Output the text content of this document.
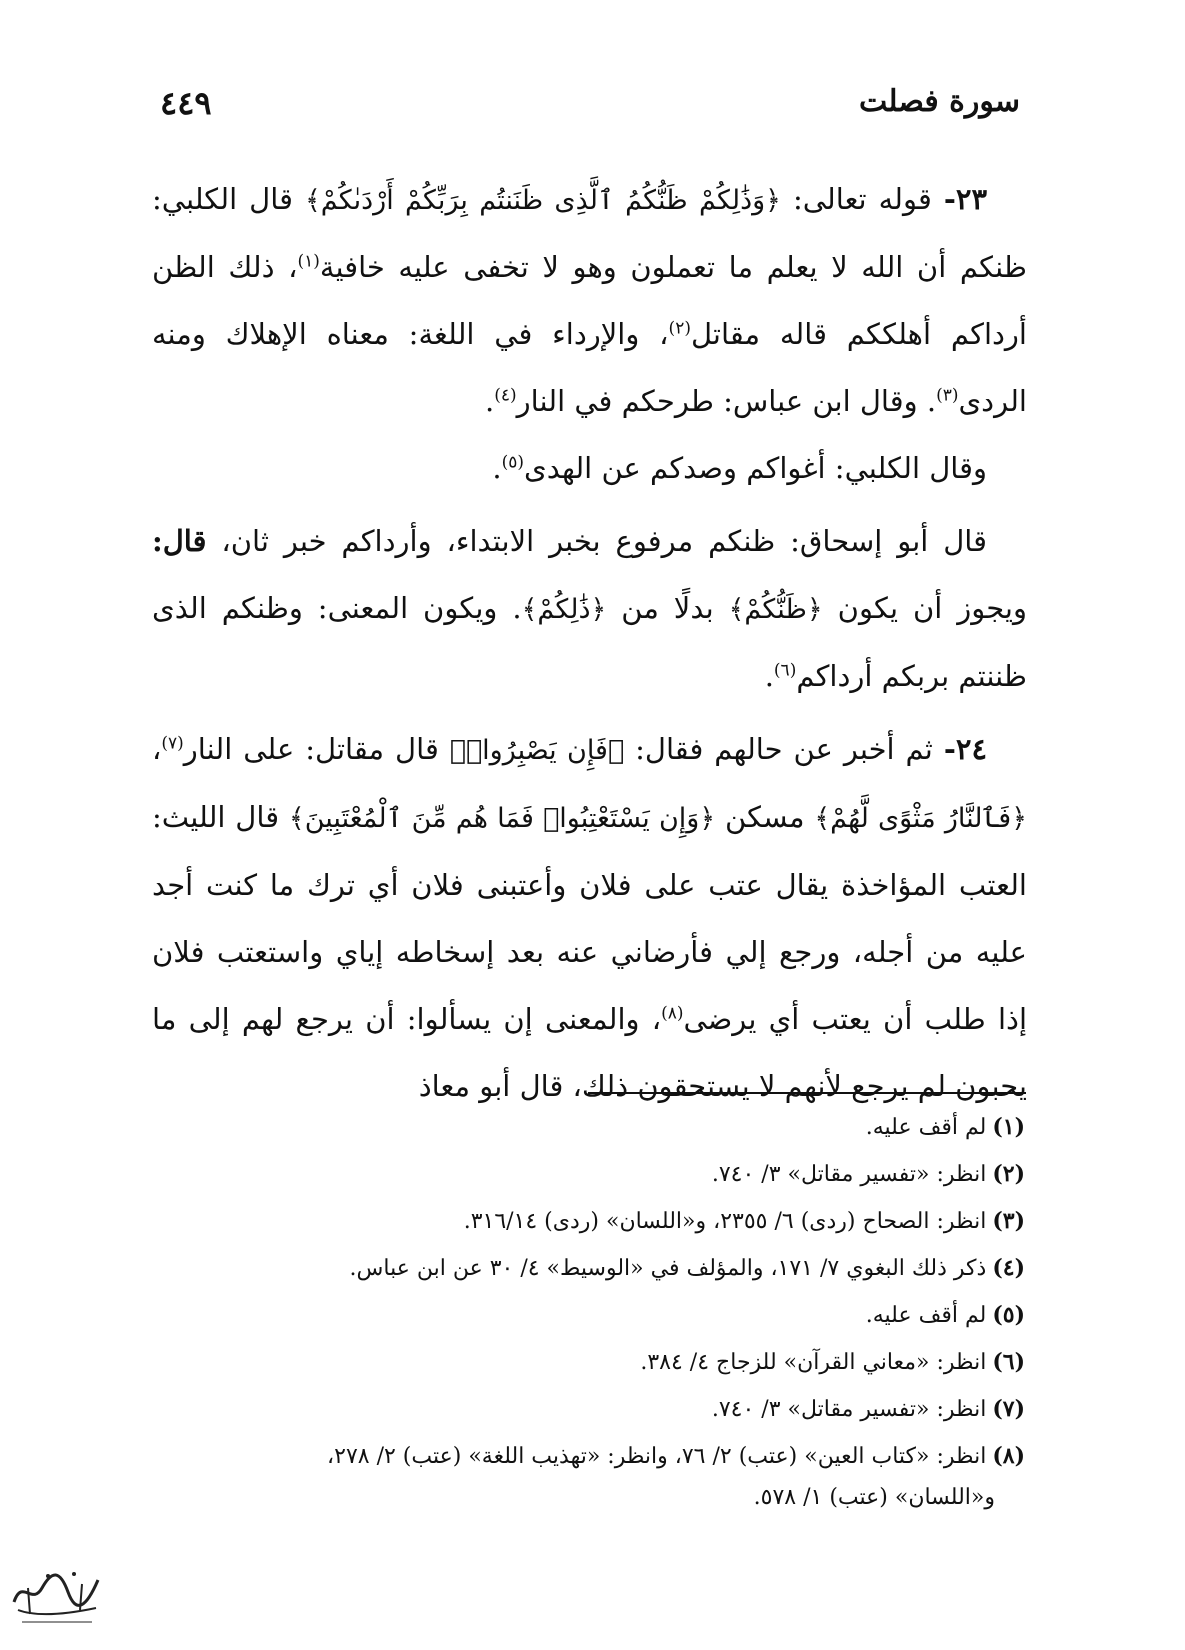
سورة فصلت
٤٤٩

٢٣- قوله تعالى: ﴿وَذَٰلِكُمْ ظَنُّكُمُ ٱلَّذِى ظَنَنتُم بِرَبِّكُمْ أَرْدَىٰكُمْ﴾ قال الكلبي: ظنكم أن الله لا يعلم ما تعملون وهو لا تخفى عليه خافية$^{(١)}$، ذلك الظن أرداكم أهلككم قاله مقاتل$^{(٢)}$، والإرداء في اللغة: معناه الإهلاك ومنه الردى$^{(٣)}$. وقال ابن عباس: طرحكم في النار$^{(٤)}$.

وقال الكلبي: أغواكم وصدكم عن الهدى$^{(٥)}$.

قال أبو إسحاق: ظنكم مرفوع بخبر الابتداء، وأرداكم خبر ثان، قال: ويجوز أن يكون ﴿ظَنُّكُمْ﴾ بدلًا من ﴿ذَٰلِكُمْ﴾. ويكون المعنى: وظنكم الذى ظننتم بربكم أرداكم$^{(٦)}$.

٢٤- ثم أخبر عن حالهم فقال: ﴿فَإِن يَصْبِرُوا۟﴾ قال مقاتل: على النار$^{(٧)}$، ﴿فَٱلنَّارُ مَثْوًى لَّهُمْ﴾ مسكن ﴿وَإِن يَسْتَعْتِبُوا۟ فَمَا هُم مِّنَ ٱلْمُعْتَبِينَ﴾ قال الليث: العتب المؤاخذة يقال عتب على فلان وأعتبنى فلان أي ترك ما كنت أجد عليه من أجله، ورجع إلي فأرضاني عنه بعد إسخاطه إياي واستعتب فلان إذا طلب أن يعتب أي يرضى$^{(٨)}$، والمعنى إن يسألوا: أن يرجع لهم إلى ما يحبون لم يرجع لأنهم لا يستحقون ذلك، قال أبو معاذ

(١)لم أقف عليه.

(٢)انظر: «تفسير مقاتل» ٣/ ٧٤٠.

(٣)انظر: الصحاح (ردى) ٦/ ٢٣٥٥، و«اللسان» (ردى) ٣١٦/١٤.

(٤)ذكر ذلك البغوي ٧/ ١٧١، والمؤلف في «الوسيط» ٤/ ٣٠ عن ابن عباس.

(٥)لم أقف عليه.

(٦)انظر: «معاني القرآن» للزجاج ٤/ ٣٨٤.

(٧)انظر: «تفسير مقاتل» ٣/ ٧٤٠.

(٨)انظر: «كتاب العين» (عتب) ٢/ ٧٦، وانظر: «تهذيب اللغة» (عتب) ٢/ ٢٧٨،

و«اللسان» (عتب) ١/ ٥٧٨.
